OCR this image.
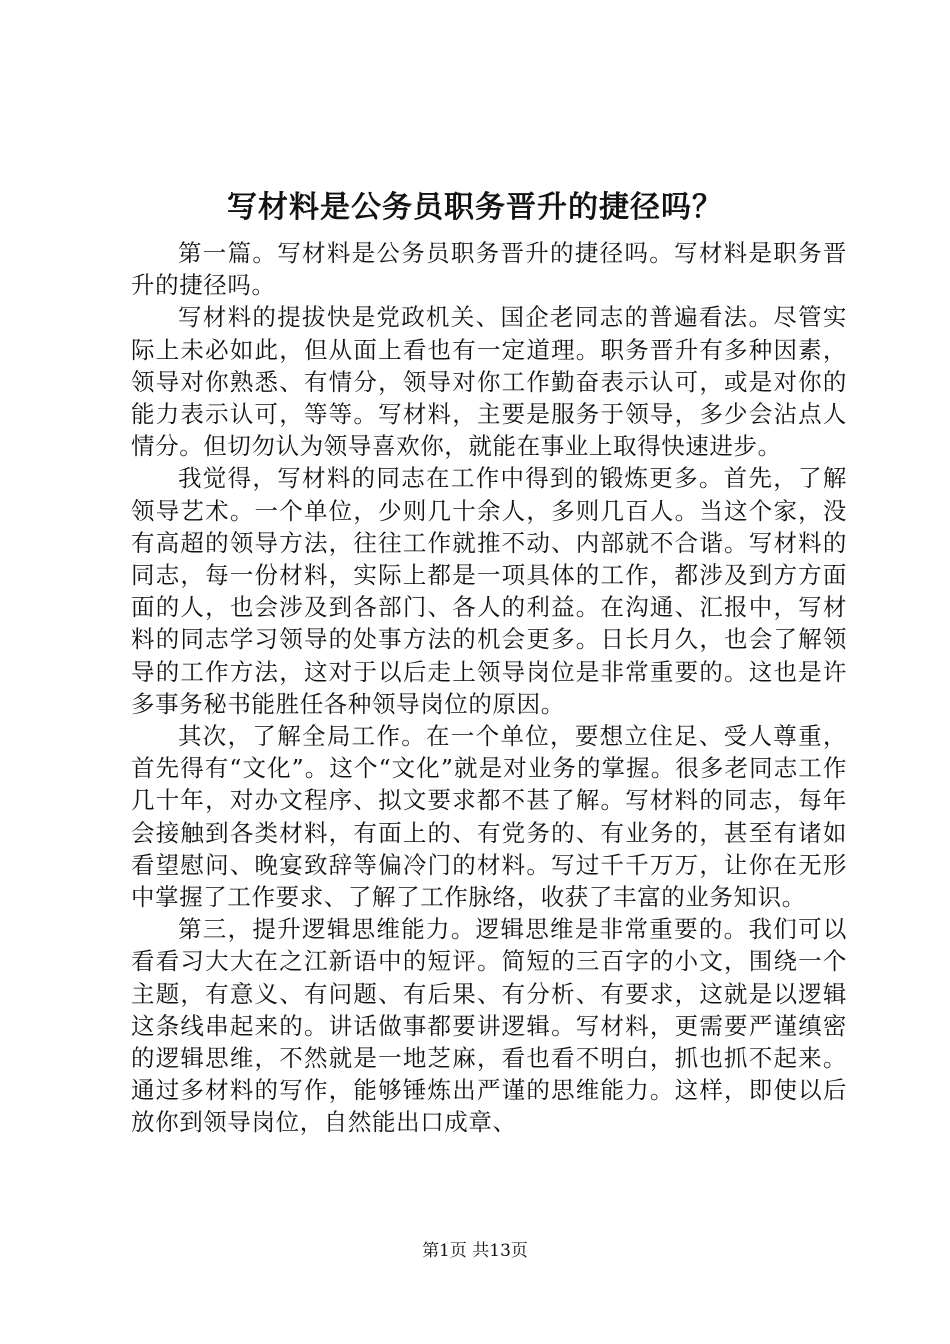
写材料是公务员职务晋升的捷径吗？

第一篇。写材料是公务员职务晋升的捷径吗。写材料是职务晋升的捷径吗。

写材料的提拔快是党政机关、国企老同志的普遍看法。尽管实际上未必如此，但从面上看也有一定道理。职务晋升有多种因素，领导对你熟悉、有情分，领导对你工作勤奋表示认可，或是对你的能力表示认可，等等。写材料，主要是服务于领导，多少会沾点人情分。但切勿认为领导喜欢你，就能在事业上取得快速进步。

我觉得，写材料的同志在工作中得到的锻炼更多。首先，了解领导艺术。一个单位，少则几十余人，多则几百人。当这个家，没有高超的领导方法，往往工作就推不动、内部就不合谐。写材料的同志，每一份材料，实际上都是一项具体的工作，都涉及到方方面面的人，也会涉及到各部门、各人的利益。在沟通、汇报中，写材料的同志学习领导的处事方法的机会更多。日长月久，也会了解领导的工作方法，这对于以后走上领导岗位是非常重要的。这也是许多事务秘书能胜任各种领导岗位的原因。

其次，了解全局工作。在一个单位，要想立住足、受人尊重，首先得有“文化”。这个“文化”就是对业务的掌握。很多老同志工作几十年，对办文程序、拟文要求都不甚了解。写材料的同志，每年会接触到各类材料，有面上的、有党务的、有业务的，甚至有诸如看望慰问、晚宴致辞等偏冷门的材料。写过千千万万，让你在无形中掌握了工作要求、了解了工作脉络，收获了丰富的业务知识。

第三，提升逻辑思维能力。逻辑思维是非常重要的。我们可以看看习大大在之江新语中的短评。简短的三百字的小文，围绕一个主题，有意义、有问题、有后果、有分析、有要求，这就是以逻辑这条线串起来的。讲话做事都要讲逻辑。写材料，更需要严谨缜密的逻辑思维，不然就是一地芝麻，看也看不明白，抓也抓不起来。通过多材料的写作，能够锤炼出严谨的思维能力。这样，即使以后放你到领导岗位，自然能出口成章、

第1页 共13页
